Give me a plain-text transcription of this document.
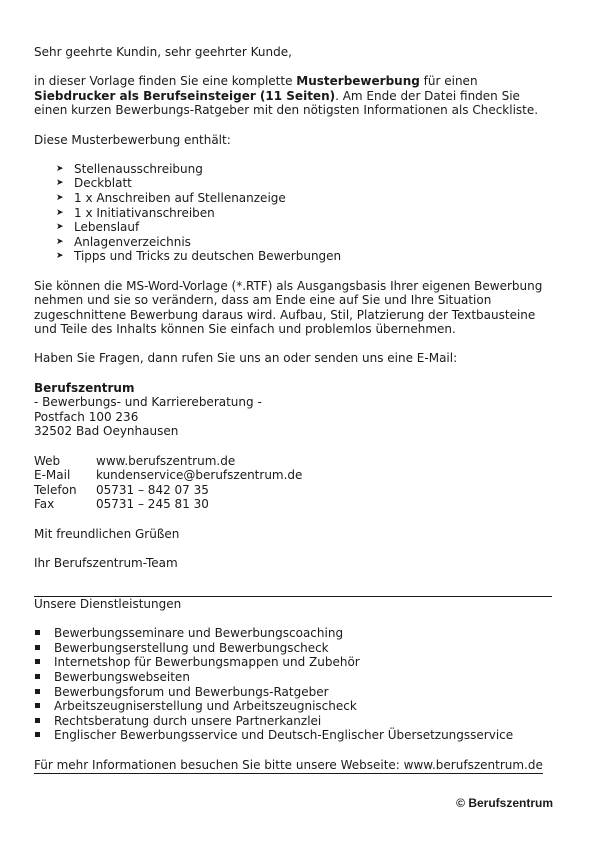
Sehr geehrte Kundin, sehr geehrter Kunde,

in dieser Vorlage finden Sie eine komplette Musterbewerbung für einen Siebdrucker als Berufseinsteiger (11 Seiten). Am Ende der Datei finden Sie einen kurzen Bewerbungs-Ratgeber mit den nötigsten Informationen als Checkliste.

Diese Musterbewerbung enthält:

➤ Stellenausschreibung
➤ Deckblatt
➤ 1 x Anschreiben auf Stellenanzeige
➤ 1 x Initiativanschreiben
➤ Lebenslauf
➤ Anlagenverzeichnis
➤ Tipps und Tricks zu deutschen Bewerbungen

Sie können die MS-Word-Vorlage (*.RTF) als Ausgangsbasis Ihrer eigenen Bewerbung nehmen und sie so verändern, dass am Ende eine auf Sie und Ihre Situation zugeschnittene Bewerbung daraus wird. Aufbau, Stil, Platzierung der Textbausteine und Teile des Inhalts können Sie einfach und problemlos übernehmen.

Haben Sie Fragen, dann rufen Sie uns an oder senden uns eine E-Mail:

Berufszentrum

- Bewerbungs- und Karriereberatung -

Postfach 100 236

32502 Bad Oeynhausen

Web	www.berufszentrum.de
E-Mail	kundenservice@berufszentrum.de
Telefon	05731 – 842 07 35
Fax	05731 – 245 81 30

Mit freundlichen Grüßen

Ihr Berufszentrum-Team

Unsere Dienstleistungen

Bewerbungsseminare und Bewerbungscoaching
Bewerbungserstellung und Bewerbungscheck
Internetshop für Bewerbungsmappen und Zubehör
Bewerbungswebseiten
Bewerbungsforum und Bewerbungs-Ratgeber
Arbeitszeugniserstellung und Arbeitszeugnischeck
Rechtsberatung durch unsere Partnerkanzlei
Englischer Bewerbungsservice und Deutsch-Englischer Übersetzungsservice

Für mehr Informationen besuchen Sie bitte unsere Webseite: www.berufszentrum.de

© Berufszentrum
